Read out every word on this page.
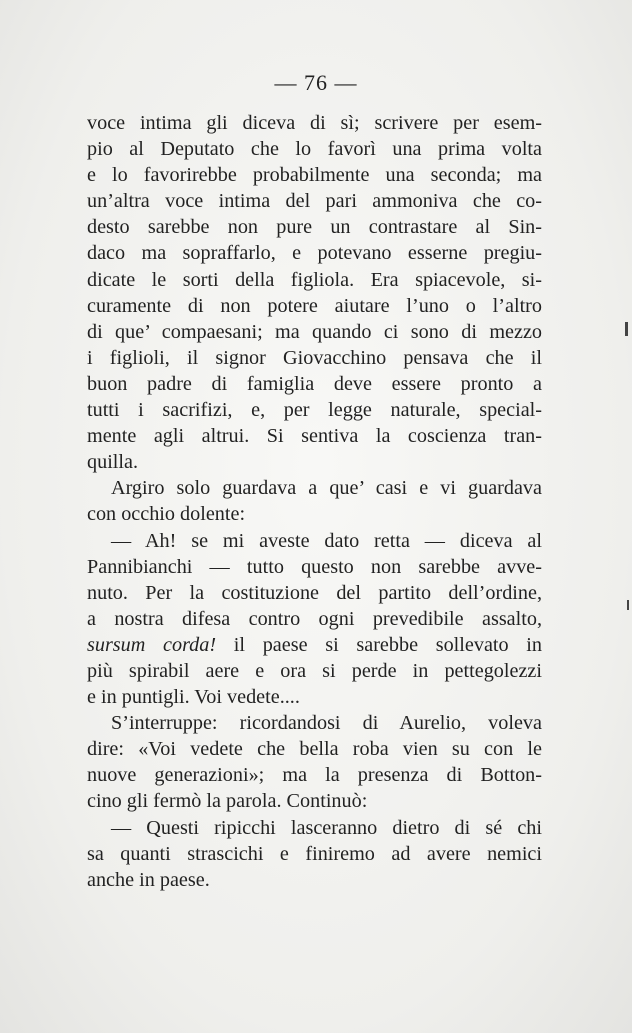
— 76 —
voce intima gli diceva di sì; scrivere per esem-
pio al Deputato che lo favorì una prima volta
e lo favorirebbe probabilmente una seconda; ma
un’altra voce intima del pari ammoniva che co-
desto sarebbe non pure un contrastare al Sin-
daco ma sopraffarlo, e potevano esserne pregiu-
dicate le sorti della figliola. Era spiacevole, si-
curamente di non potere aiutare l’uno o l’altro
di que’ compaesani; ma quando ci sono di mezzo
i figlioli, il signor Giovacchino pensava che il
buon padre di famiglia deve essere pronto a
tutti i sacrifizi, e, per legge naturale, special-
mente agli altrui. Si sentiva la coscienza tran-
quilla.
Argiro solo guardava a que’ casi e vi guardava
con occhio dolente:
— Ah! se mi aveste dato retta — diceva al
Pannibianchi — tutto questo non sarebbe avve-
nuto. Per la costituzione del partito dell’ordine,
a nostra difesa contro ogni prevedibile assalto,
sursum corda! il paese si sarebbe sollevato in
più spirabil aere e ora si perde in pettegolezzi
e in puntigli. Voi vedete....
S’interruppe: ricordandosi di Aurelio, voleva
dire: «Voi vedete che bella roba vien su con le
nuove generazioni»; ma la presenza di Botton-
cino gli fermò la parola. Continuò:
— Questi ripicchi lasceranno dietro di sé chi
sa quanti strascichi e finiremo ad avere nemici
anche in paese.
